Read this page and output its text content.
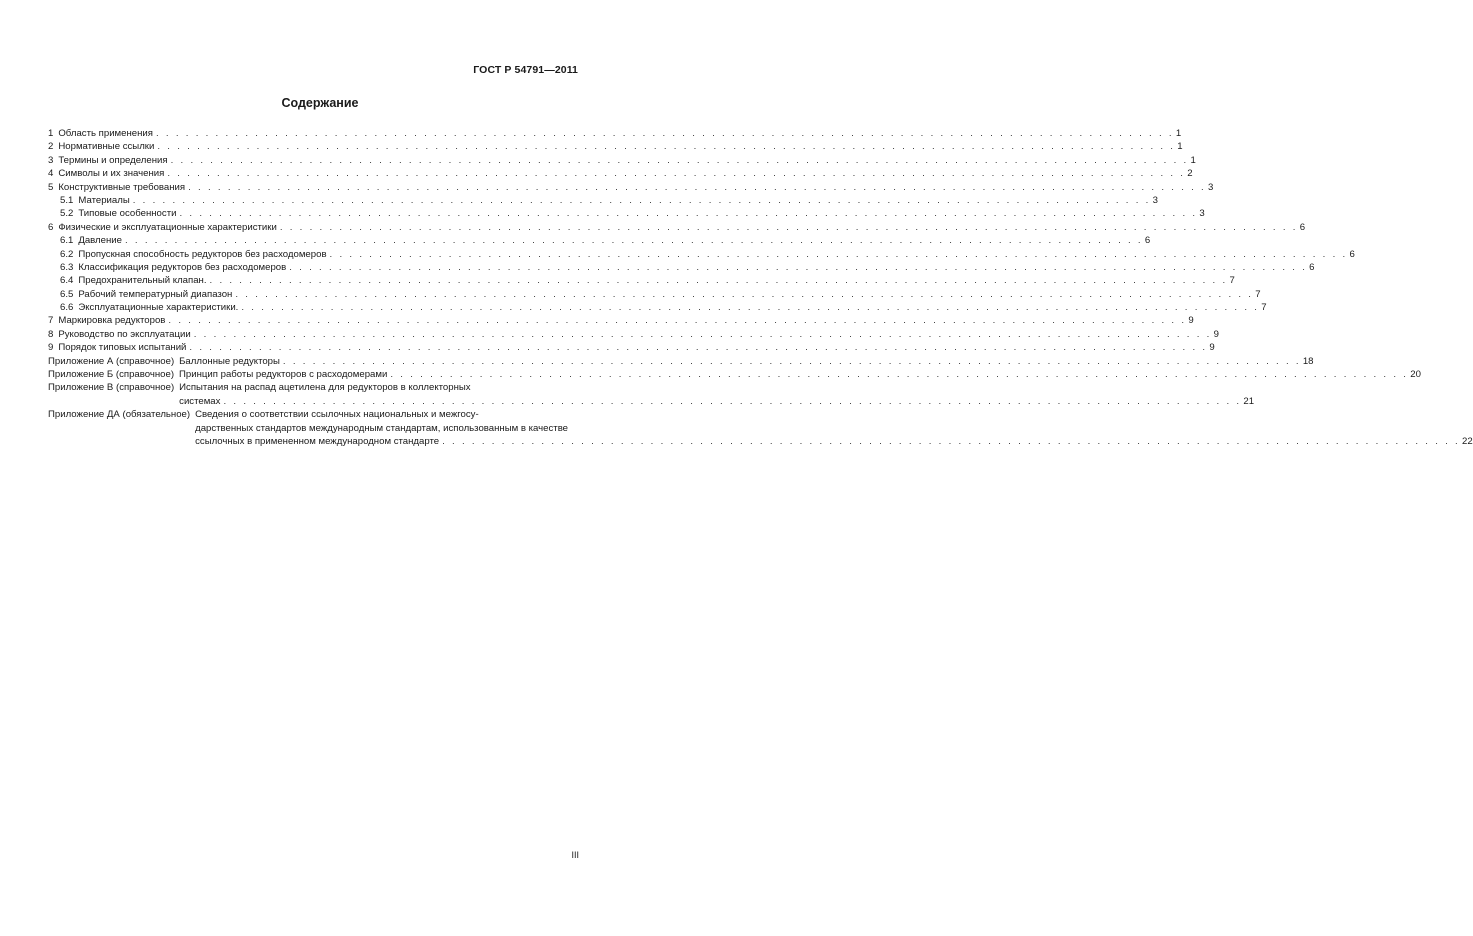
ГОСТ Р 54791—2011
Содержание
1 Область применения . . .	1
2 Нормативные ссылки . . .	1
3 Термины и определения . . .	1
4 Символы и их значения . . .	2
5 Конструктивные требования . . .	3
5.1 Материалы . . .	3
5.2 Типовые особенности . . .	3
6 Физические и эксплуатационные характеристики . . .	6
6.1 Давление . . .	6
6.2 Пропускная способность редукторов без расходомеров . . .	6
6.3 Классификация редукторов без расходомеров . . .	6
6.4 Предохранительный клапан. . . .	7
6.5 Рабочий температурный диапазон . . .	7
6.6 Эксплуатационные характеристики. . . .	7
7 Маркировка редукторов . . .	9
8 Руководство по эксплуатации . . .	9
9 Порядок типовых испытаний . . .	9
Приложение А (справочное) Баллонные редукторы . . .	18
Приложение Б (справочное) Принцип работы редукторов с расходомерами . . .	20
Приложение В (справочное) Испытания на распад ацетилена для редукторов в коллекторных
системах . . .	21
Приложение ДА (обязательное) Сведения о соответствии ссылочных национальных и межгосу-
дарственных стандартов международным стандартам, использованным в качестве
ссылочных в примененном международном стандарте . . .	22
III
